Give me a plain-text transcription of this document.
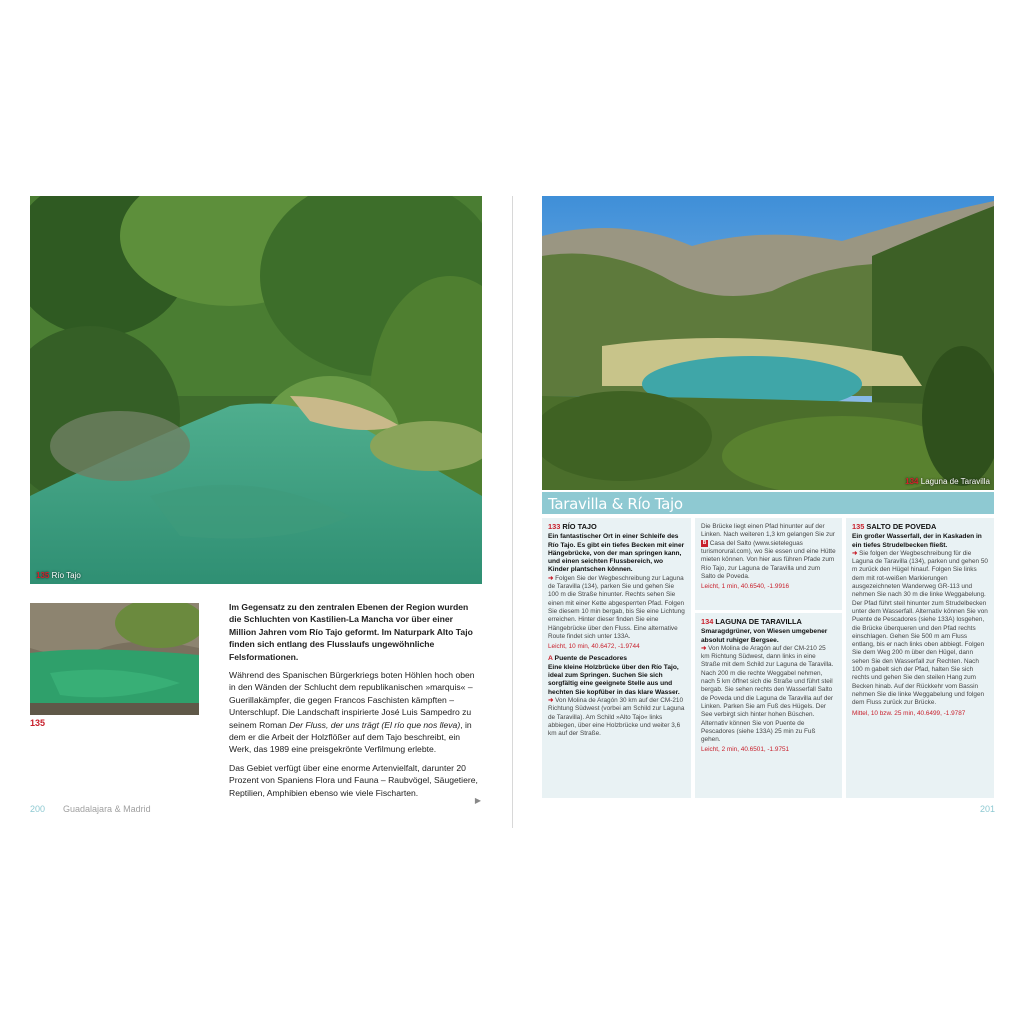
135 Río Tajo
135

Im Gegensatz zu den zentralen Ebenen der Region wurden die Schluchten von Kastilien-La Mancha vor über einer Million Jahren vom Río Tajo geformt. Im Naturpark Alto Tajo finden sich entlang des Flusslaufs ungewöhnliche Felsformationen.

Während des Spanischen Bürgerkriegs boten Höhlen hoch oben in den Wänden der Schlucht dem republikanischen »marquis« – Guerillakämpfer, die gegen Francos Faschisten kämpften – Unterschlupf. Die Landschaft inspirierte José Luis Sampedro zu seinem Roman Der Fluss, der uns trägt (El río que nos lleva), in dem er die Arbeit der Holzflößer auf dem Tajo beschreibt, ein Werk, das 1989 eine preisgekrönte Verfilmung erlebte.

Das Gebiet verfügt über eine enorme Artenvielfalt, darunter 20 Prozent von Spaniens Flora und Fauna – Raubvögel, Säugetiere, Reptilien, Amphibien ebenso wie viele Fischarten.

▶
200 Guadalajara & Madrid
134 Laguna de Taravilla
Taravilla & Río Tajo
133 RÍO TAJO
Ein fantastischer Ort in einer Schleife des Río Tajo. Es gibt ein tiefes Becken mit einer Hängebrücke, von der man springen kann, und einen seichten Flussbereich, wo Kinder plantschen können.
➜ Folgen Sie der Wegbeschreibung zur Laguna de Taravilla (134), parken Sie und gehen Sie 100 m die Straße hinunter. Rechts sehen Sie einen mit einer Kette abgesperrten Pfad. Folgen Sie diesem 10 min bergab, bis Sie eine Lichtung erreichen. Hinter dieser finden Sie eine Hängebrücke über den Fluss. Eine alternative Route findet sich unter 133A.
Leicht, 10 min, 40.6472, -1.9744
A Puente de Pescadores
Eine kleine Holzbrücke über den Río Tajo, ideal zum Springen. Suchen Sie sich sorgfältig eine geeignete Stelle aus und hechten Sie kopfüber in das klare Wasser.
➜ Von Molina de Aragón 30 km auf der CM-210 Richtung Südwest (vorbei am Schild zur Laguna de Taravilla). Am Schild »Alto Tajo« links abbiegen, über eine Holzbrücke und weiter 3,6 km auf der Straße.
Die Brücke liegt einen Pfad hinunter auf der Linken. Nach weiteren 1,3 km gelangen Sie zur B Casa del Salto (www.sieteleguas turismorural.com), wo Sie essen und eine Hütte mieten können. Von hier aus führen Pfade zum Río Tajo, zur Laguna de Taravilla und zum Salto de Poveda.
Leicht, 1 min, 40.6540, -1.9916
134 LAGUNA DE TARAVILLA
Smaragdgrüner, von Wiesen umgebener absolut ruhiger Bergsee.
➜ Von Molina de Aragón auf der CM-210 25 km Richtung Südwest, dann links in eine Straße mit dem Schild zur Laguna de Taravilla. Nach 200 m die rechte Weggabel nehmen, nach 5 km öffnet sich die Straße und führt steil bergab. Sie sehen rechts den Wasserfall Salto de Poveda und die Laguna de Taravilla auf der Linken. Parken Sie am Fuß des Hügels. Der See verbirgt sich hinter hohen Büschen. Alternativ können Sie von Puente de Pescadores (siehe 133A) 25 min zu Fuß gehen.
Leicht, 2 min, 40.6501, -1.9751
135 SALTO DE POVEDA
Ein großer Wasserfall, der in Kaskaden in ein tiefes Strudelbecken fließt.
➜ Sie folgen der Wegbeschreibung für die Laguna de Taravilla (134), parken und gehen 50 m zurück den Hügel hinauf. Folgen Sie links dem mit rot-weißen Markierungen ausgezeichneten Wanderweg GR-113 und nehmen Sie nach 30 m die linke Weggabelung. Der Pfad führt steil hinunter zum Strudelbecken unter dem Wasserfall. Alternativ können Sie von Puente de Pescadores (siehe 133A) losgehen, die Brücke überqueren und den Pfad rechts einschlagen. Gehen Sie 500 m am Fluss entlang, bis er nach links oben abbiegt. Folgen Sie dem Weg 200 m über den Hügel, dann sehen Sie den Wasserfall zur Rechten. Nach 100 m gabelt sich der Pfad, halten Sie sich rechts und gehen Sie den steilen Hang zum Becken hinab. Auf der Rückkehr vom Bassin nehmen Sie die linke Weggabelung und folgen dem Fluss zurück zur Brücke.
Mittel, 10 bzw. 25 min, 40.6499, -1.9787
201
